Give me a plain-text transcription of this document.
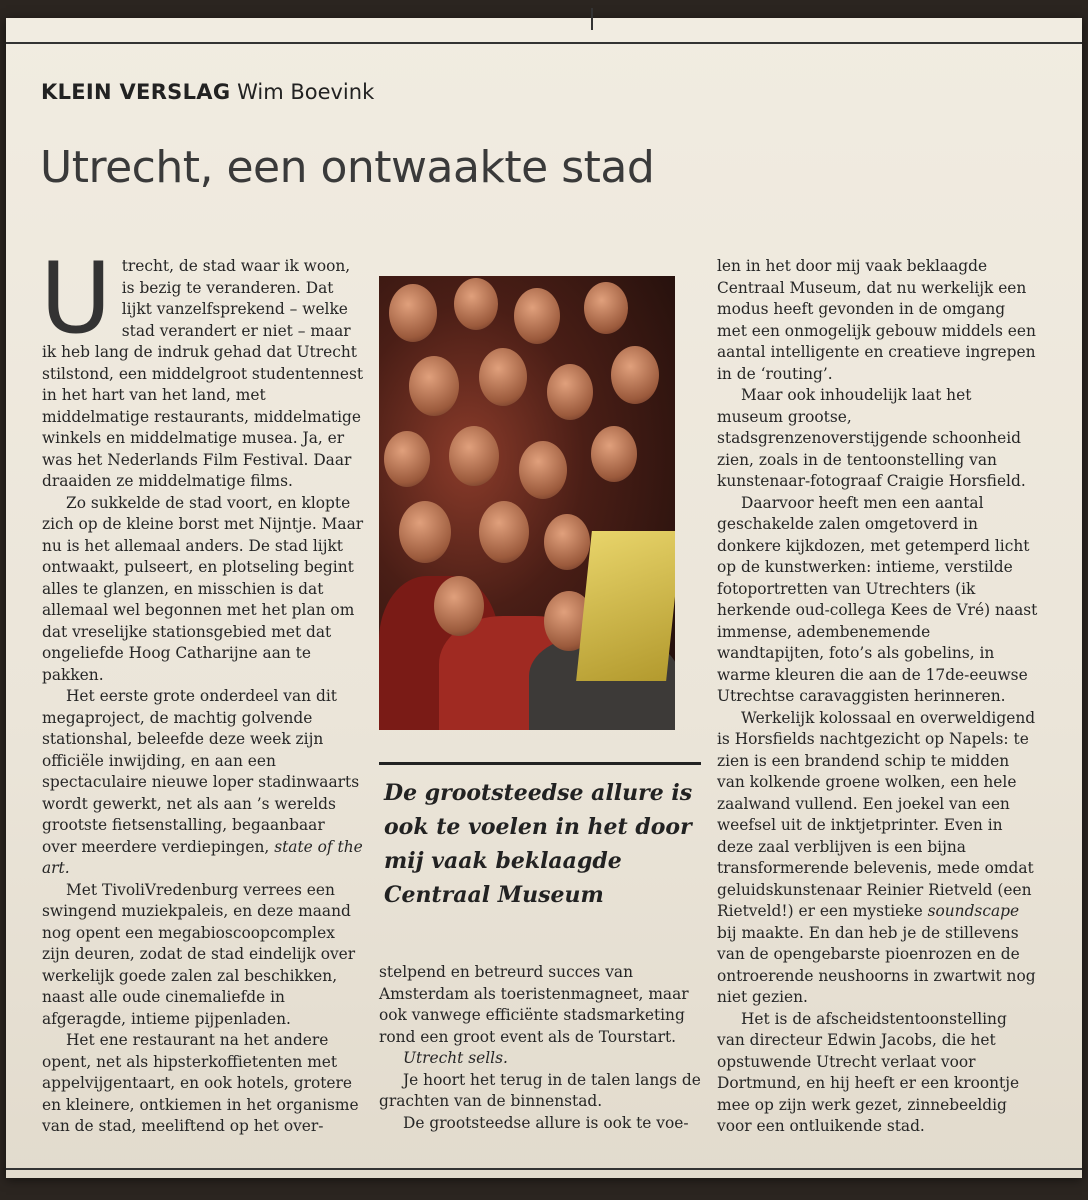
KLEIN VERSLAG Wim Boevink
Utrecht, een ontwaakte stad

Utrecht, de stad waar ik woon, is bezig te veranderen. Dat lijkt vanzelfsprekend – welke stad verandert er niet – maar ik heb lang de indruk gehad dat Utrecht stilstond, een middelgroot studentennest in het hart van het land, met middelmatige restaurants, middelmatige winkels en middelmatige musea. Ja, er was het Nederlands Film Festival. Daar draaiden ze middelmatige films.

Zo sukkelde de stad voort, en klopte zich op de kleine borst met Nijntje. Maar nu is het allemaal anders. De stad lijkt ontwaakt, pulseert, en plotseling begint alles te glanzen, en misschien is dat allemaal wel begonnen met het plan om dat vreselijke stationsgebied met dat ongeliefde Hoog Catharijne aan te pakken.

Het eerste grote onderdeel van dit megaproject, de machtig golvende stationshal, beleefde deze week zijn officiële inwijding, en aan een spectaculaire nieuwe loper stadinwaarts wordt gewerkt, net als aan ’s werelds grootste fietsenstalling, begaanbaar over meerdere verdiepingen, state of the art.

Met TivoliVredenburg verrees een swingend muziekpaleis, en deze maand nog opent een megabioscoopcomplex zijn deuren, zodat de stad eindelijk over werkelijk goede zalen zal beschikken, naast alle oude cinemaliefde in afgeragde, intieme pijpenladen.

Het ene restaurant na het andere opent, net als hipsterkoffietenten met appelvijgentaart, en ook hotels, grotere en kleinere, ontkiemen in het organisme van de stad, meeliftend op het over-

De grootsteedse allure is ook te voelen in het door mij vaak beklaagde Centraal Museum

stelpend en betreurd succes van Amsterdam als toeristenmagneet, maar ook vanwege efficiënte stadsmarketing rond een groot event als de Tourstart.

Utrecht sells.

Je hoort het terug in de talen langs de grachten van de binnenstad.

De grootsteedse allure is ook te voe-

len in het door mij vaak beklaagde Centraal Museum, dat nu werkelijk een modus heeft gevonden in de omgang met een onmogelijk gebouw middels een aantal intelligente en creatieve ingrepen in de ‘routing’.

Maar ook inhoudelijk laat het museum grootse, stadsgrenzenoverstijgende schoonheid zien, zoals in de tentoonstelling van kunstenaar-fotograaf Craigie Horsfield.

Daarvoor heeft men een aantal geschakelde zalen omgetoverd in donkere kijkdozen, met getemperd licht op de kunstwerken: intieme, verstilde fotoportretten van Utrechters (ik herkende oud-collega Kees de Vré) naast immense, adembenemende wandtapijten, foto’s als gobelins, in warme kleuren die aan de 17de-eeuwse Utrechtse caravaggisten herinneren.

Werkelijk kolossaal en overweldigend is Horsfields nachtgezicht op Napels: te zien is een brandend schip te midden van kolkende groene wolken, een hele zaalwand vullend. Een joekel van een weefsel uit de inktjetprinter. Even in deze zaal verblijven is een bijna transformerende belevenis, mede omdat geluidskunstenaar Reinier Rietveld (een Rietveld!) er een mystieke soundscape bij maakte. En dan heb je de stillevens van de opengebarste pioenrozen en de ontroerende neushoorns in zwartwit nog niet gezien.

Het is de afscheidstentoonstelling van directeur Edwin Jacobs, die het opstuwende Utrecht verlaat voor Dortmund, en hij heeft er een kroontje mee op zijn werk gezet, zinnebeeldig voor een ontluikende stad.
